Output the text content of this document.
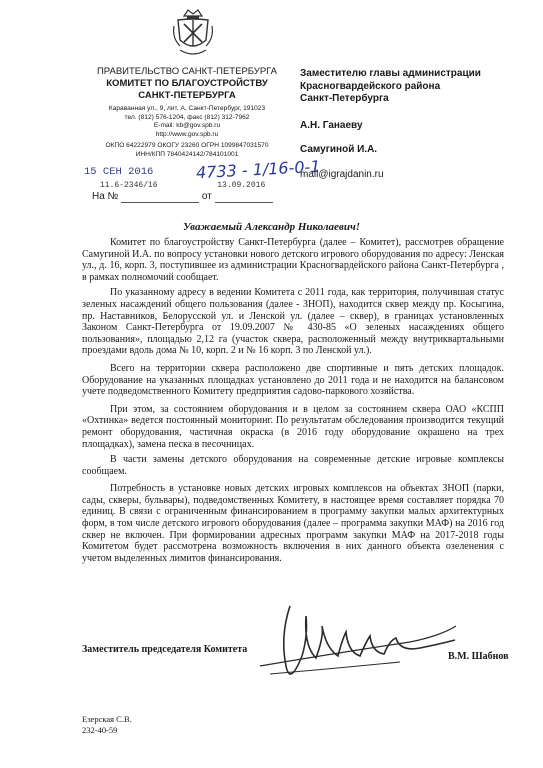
ПРАВИТЕЛЬСТВО САНКТ-ПЕТЕРБУРГА
КОМИТЕТ ПО БЛАГОУСТРОЙСТВУ
САНКТ-ПЕТЕРБУРГА
Караванная ул., 9, лит. А, Санкт-Петербург, 191023
тел. (812) 576-1204, факс (812) 312-7962
E-mail: kb@gov.spb.ru
http://www.gov.spb.ru
ОКПО 64222979 ОКОГУ 23260 ОГРН 1099847031570
ИНН/КПП 7840424142/784101001
15 СЕН 2016	4733 - 1/16-0-1
11.6-2346/16	13.09.2016
На №	от
Заместителю главы администрации
Красногвардейского района
Санкт-Петербурга
А.Н. Ганаеву
Самугиной И.А.
mail@igrajdanin.ru
Уважаемый Александр Николаевич!

Комитет по благоустройству Санкт-Петербурга (далее – Комитет), рассмотрев обращение Самугиной И.А. по вопросу установки нового детского игрового оборудования по адресу: Ленская ул., д. 16, корп. 3, поступившее из администрации Красногвардейского района Санкт-Петербурга , в рамках полномочий сообщает.

По указанному адресу в ведении Комитета с 2011 года, как территория, получившая статус зеленых насаждений общего пользования (далее - ЗНОП), находится сквер между пр. Косыгина, пр. Наставников, Белорусской ул. и Ленской ул. (далее – сквер), в границах установленных Законом Санкт-Петербурга от 19.09.2007 № 430-85 «О зеленых насаждениях общего пользования», площадью 2,12 га (участок сквера, расположенный между внутриквартальными проездами вдоль дома № 10, корп. 2 и № 16 корп. 3 по Ленской ул.).

Всего на территории сквера расположено две спортивные и пять детских площадок. Оборудование на указанных площадках установлено до 2011 года и не находится на балансовом учете подведомственного Комитету предприятия садово-паркового хозяйства.

При этом, за состоянием оборудования и в целом за состоянием сквера ОАО «КСПП «Охтинка» ведется постоянный мониторинг. По результатам обследования производится текущий ремонт оборудования, частичная окраска (в 2016 году оборудование окрашено на трех площадках), замена песка в песочницах.

В части замены детского оборудования на современные детские игровые комплексы сообщаем.

Потребность в установке новых детских игровых комплексов на объектах ЗНОП (парки, сады, скверы, бульвары), подведомственных Комитету, в настоящее время составляет порядка 70 единиц. В связи с ограниченным финансированием в программу закупки малых архитектурных форм, в том числе детского игрового оборудования (далее – программа закупки МАФ) на 2016 год сквер не включен. При формировании адресных программ закупки МАФ на 2017-2018 годы Комитетом будет рассмотрена возможность включения в них данного объекта озеленения с учетом выделенных лимитов финансирования.

Заместитель председателя Комитета
В.М. Шабнов
Езерская С.В.
232-40-59
